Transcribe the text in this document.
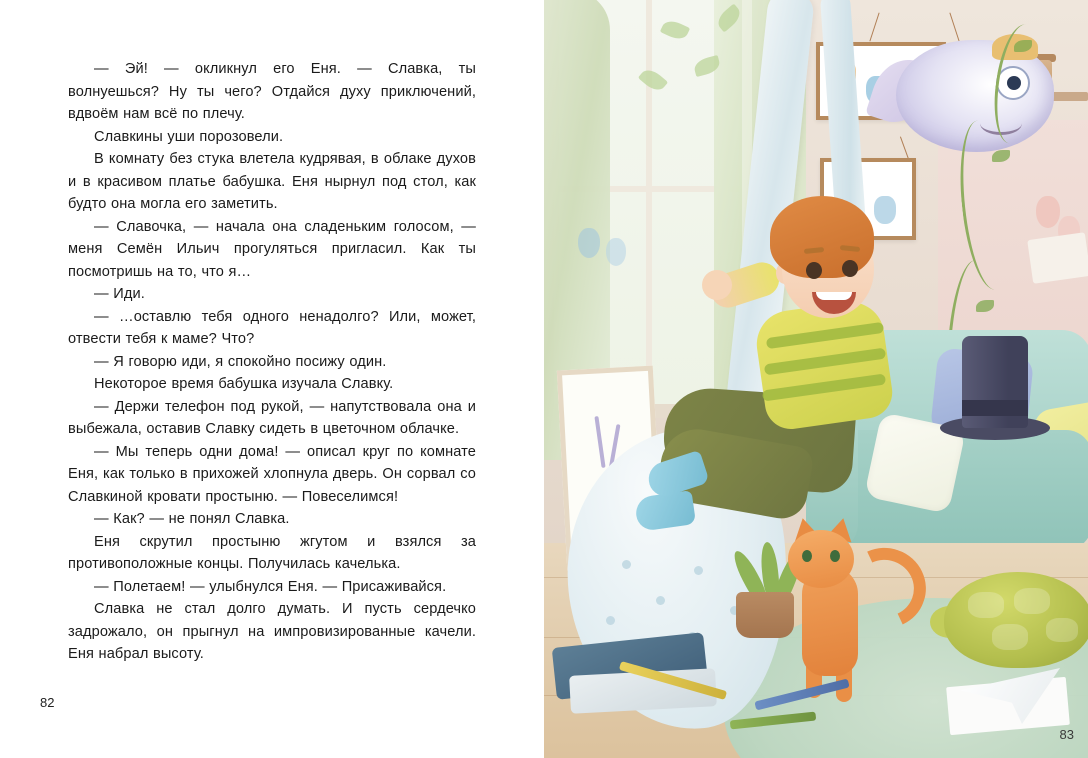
— Эй! — окликнул его Еня. — Славка, ты волнуешься? Ну ты чего? Отдайся духу приключений, вдвоём нам всё по плечу.

Славкины уши порозовели.

В комнату без стука влетела кудрявая, в облаке духов и в красивом платье бабушка. Еня нырнул под стол, как будто она могла его заметить.

— Славочка, — начала она сладеньким голосом, — меня Семён Ильич прогуляться пригласил. Как ты посмотришь на то, что я…

— Иди.

— …оставлю тебя одного ненадолго? Или, может, отвести тебя к маме? Что?

— Я говорю иди, я спокойно посижу один.

Некоторое время бабушка изучала Славку.

— Держи телефон под рукой, — напутствовала она и выбежала, оставив Славку сидеть в цветочном облачке.

— Мы теперь одни дома! — описал круг по комнате Еня, как только в прихожей хлопнула дверь. Он сорвал со Славкиной кровати простыню. — Повеселимся!

— Как? — не понял Славка.

Еня скрутил простыню жгутом и взялся за противоположные концы. Получилась качелька.

— Полетаем! — улыбнулся Еня. — Присаживайся.

Славка не стал долго думать. И пусть сердечко задрожало, он прыгнул на импровизированные качели. Еня набрал высоту.

82
83
